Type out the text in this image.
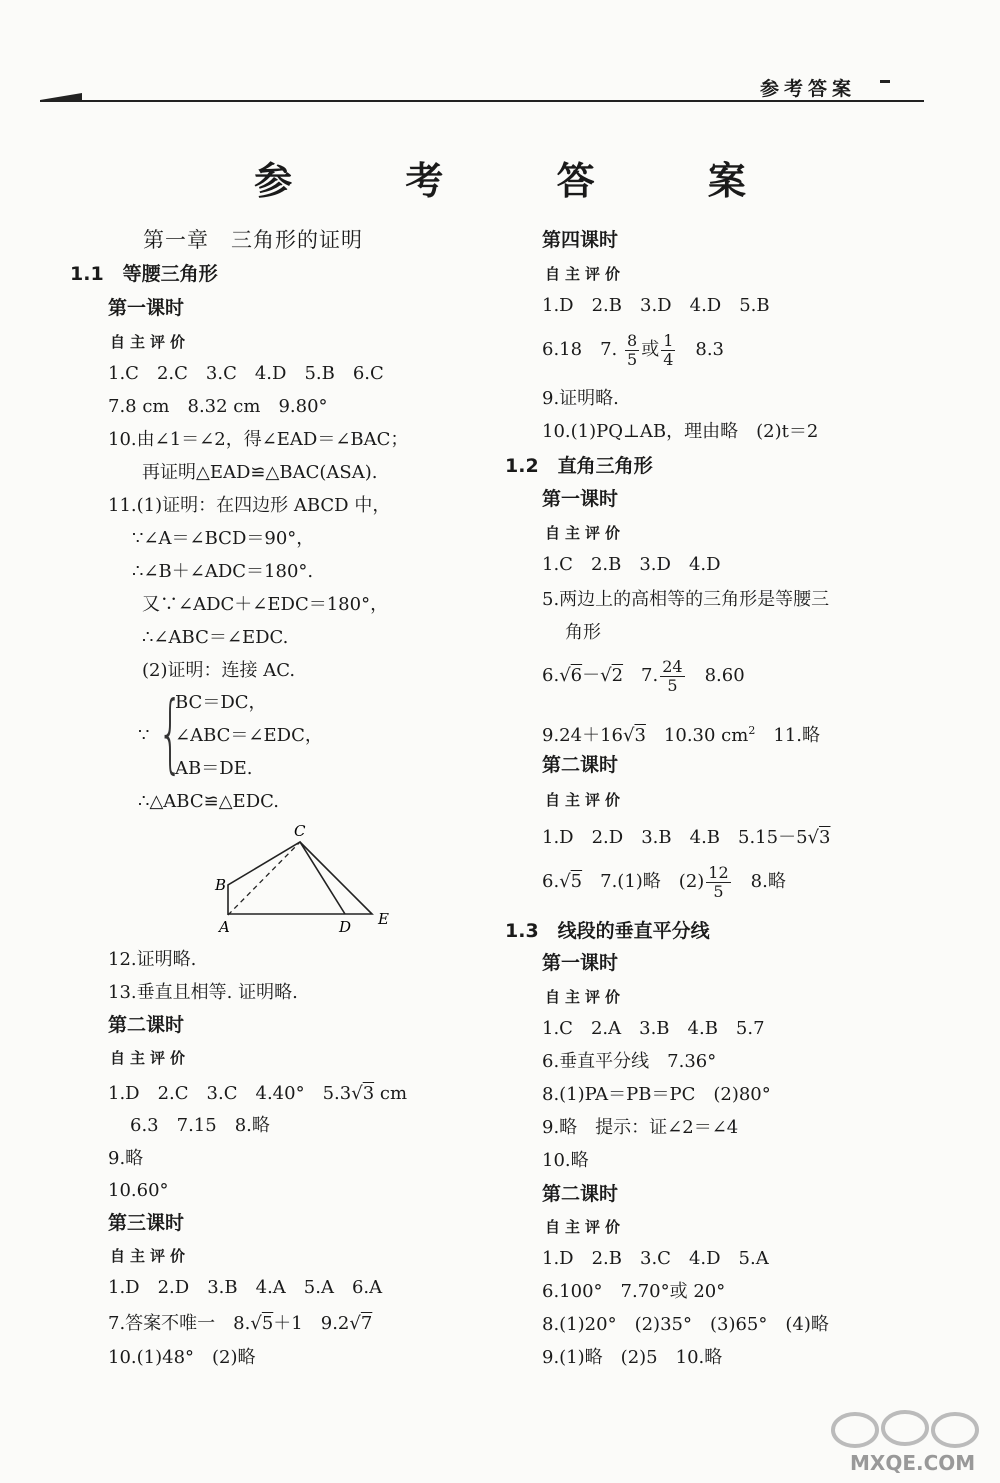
参考答案
参 考 答 案
第一章　三角形的证明
1.1　等腰三角形
第一课时
自主评价
1.C　2.C　3.C　4.D　5.B　6.C
7.8 cm　8.32 cm　9.80°
10.由∠1＝∠2，得∠EAD＝∠BAC；
再证明△EAD≌△BAC(ASA).
11.(1)证明：在四边形 ABCD 中，
∵∠A＝∠BCD＝90°，
∴∠B＋∠ADC＝180°.
又∵∠ADC＋∠EDC＝180°，
∴∠ABC＝∠EDC.
(2)证明：连接 AC.
∵ {
BC＝DC，
∠ABC＝∠EDC，
AB＝DE.
∴△ABC≌△EDC.
C
B
A	D E
12.证明略.
13.垂直且相等. 证明略.
第二课时
自主评价
1.D　2.C　3.C　4.40°　5.3√3 cm
6.3　7.15　8.略
9.略
10.60°
第三课时
自主评价
1.D　2.D　3.B　4.A　5.A　6.A
7.答案不唯一　8.√5＋1　9.2√7
10.(1)48°　(2)略
第四课时
自主评价
1.D　2.B　3.D　4.D　5.B
6.18　7. $\frac{8}{5}$ 或 $\frac{1}{4}$ 　8.3
9.证明略.
10.(1)PQ⊥AB，理由略　(2)t＝2
1.2　直角三角形
第一课时
自主评价
1.C　2.B　3.D　4.D
5.两边上的高相等的三角形是等腰三
角形
6.√6－√2　7. $\frac{24}{5}$ 　8.60
9.24＋16√3　10.30 $cm^2$　11.略
第二课时
自主评价
1.D　2.D　3.B　4.B　5.15－5√3
6.√5　7.(1)略　$(2) \frac{12}{5}$ 　8.略
1.3　线段的垂直平分线
第一课时
自主评价
1.C　2.A　3.B　4.B　5.7
6.垂直平分线　7.36°
8.(1)PA＝PB＝PC　(2)80°
9.略　提示：证∠2＝∠4
10.略
第二课时
自主评价
1.D　2.B　3.C　4.D　5.A
6.100°　7.70°或 20°
8.(1)20°　(2)35°　(3)65°　(4)略
9.(1)略　(2)5　10.略
MXQE.COM
